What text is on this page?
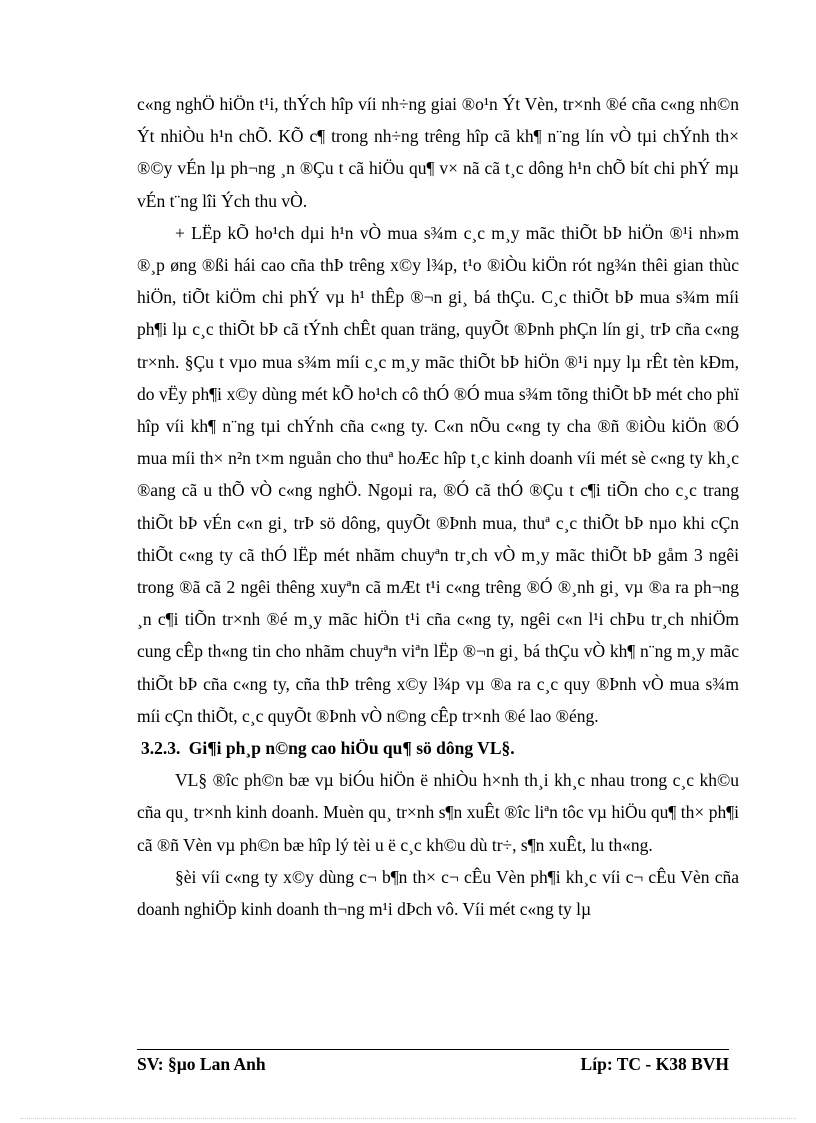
c«ng nghÖ hiÖn t¹i, thÝch hîp víi nh÷ng giai ®o¹n Ýt Vèn, tr×nh ®é cña c«ng nh©n Ýt nhiÒu h¹n chÕ. KÕ c¶ trong nh÷ng trêng hîp cã kh¶ n¨ng lín vÒ tµi chÝnh th× ®©y vÉn lµ ph¬ng ¸n ®Çu t cã hiÖu qu¶ v× nã cã t¸c dông h¹n chÕ bít chi phÝ mµ vÉn t¨ng lîi Ých thu vÒ.

+ LËp kÕ ho¹ch dµi h¹n vÒ mua s¾m c¸c m¸y mãc thiÕt bÞ hiÖn ®¹i nh»m ®¸p øng ®ßi hái cao cña thÞ trêng x©y l¾p, t¹o ®iÒu kiÖn rót ng¾n thêi gian thùc hiÖn, tiÕt kiÖm chi phÝ vµ h¹ thÊp ®¬n gi¸ bá thÇu. C¸c thiÕt bÞ mua s¾m míi ph¶i lµ c¸c thiÕt bÞ cã tÝnh chÊt quan träng, quyÕt ®Þnh phÇn lín gi¸ trÞ cña c«ng tr×nh. §Çu t vµo mua s¾m míi c¸c m¸y mãc thiÕt bÞ hiÖn ®¹i nµy lµ rÊt tèn kÐm, do vËy ph¶i x©y dùng mét kÕ ho¹ch cô thÓ ®Ó mua s¾m tõng thiÕt bÞ mét cho phï hîp víi kh¶ n¨ng tµi chÝnh cña c«ng ty. C«n nÕu c«ng ty cha ®ñ ®iÒu kiÖn ®Ó mua míi th× n²n t×m nguån cho thuª hoÆc hîp t¸c kinh doanh víi mét sè c«ng ty kh¸c ®ang cã u thÕ vÒ c«ng nghÖ. Ngoµi ra, ®Ó cã thÓ ®Çu t c¶i tiÕn cho c¸c trang thiÕt bÞ vÉn c«n gi¸ trÞ sö dông, quyÕt ®Þnh mua, thuª c¸c thiÕt bÞ nµo khi cÇn thiÕt c«ng ty cã thÓ lËp mét nhãm chuyªn tr¸ch vÒ m¸y mãc thiÕt bÞ gåm 3 ngêi trong ®ã cã 2 ngêi thêng xuyªn cã mÆt t¹i c«ng trêng ®Ó ®¸nh gi¸ vµ ®a ra ph¬ng ¸n c¶i tiÕn tr×nh ®é m¸y mãc hiÖn t¹i cña c«ng ty, ngêi c«n l¹i chÞu tr¸ch nhiÖm cung cÊp th«ng tin cho nhãm chuyªn viªn lËp ®¬n gi¸ bá thÇu vÒ kh¶ n¨ng m¸y mãc thiÕt bÞ cña c«ng ty, cña thÞ trêng x©y l¾p vµ ®a ra c¸c quy ®Þnh vÒ mua s¾m míi cÇn thiÕt, c¸c quyÕt ®Þnh vÒ n©ng cÊp tr×nh ®é lao ®éng.

3.2.3. Gi¶i ph¸p n©ng cao hiÖu qu¶ sö dông VL§.

VL§ ®îc ph©n bæ vµ biÓu hiÖn ë nhiÒu h×nh th¸i kh¸c nhau trong c¸c kh©u cña qu¸ tr×nh kinh doanh. Muèn qu¸ tr×nh s¶n xuÊt ®îc liªn tôc vµ hiÖu qu¶ th× ph¶i cã ®ñ Vèn vµ ph©n bæ hîp lý tèi u ë c¸c kh©u dù tr÷, s¶n xuÊt, lu th«ng.

§èi víi c«ng ty x©y dùng c¬ b¶n th× c¬ cÊu Vèn ph¶i kh¸c víi c¬ cÊu Vèn cña doanh nghiÖp kinh doanh th¬ng m¹i dÞch vô. Víi mét c«ng ty lµ

SV: §µo Lan Anh	Líp: TC - K38 BVH
